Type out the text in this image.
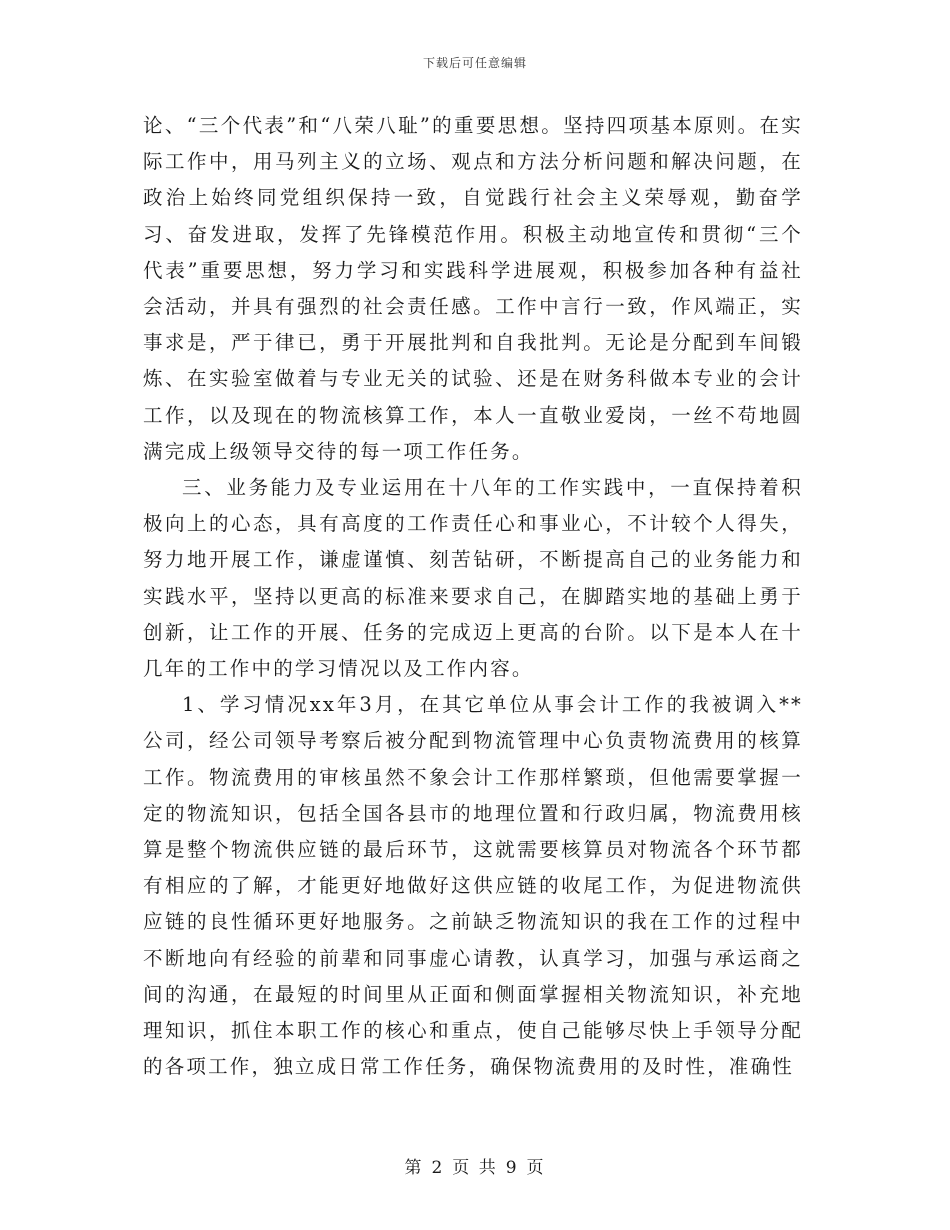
下载后可任意编辑

论、“三个代表”和“八荣八耻”的重要思想。坚持四项基本原则。在实际工作中，用马列主义的立场、观点和方法分析问题和解决问题，在政治上始终同党组织保持一致，自觉践行社会主义荣辱观，勤奋学习、奋发进取，发挥了先锋模范作用。积极主动地宣传和贯彻“三个代表”重要思想，努力学习和实践科学进展观，积极参加各种有益社会活动，并具有强烈的社会责任感。工作中言行一致，作风端正，实事求是，严于律已，勇于开展批判和自我批判。无论是分配到车间锻炼、在实验室做着与专业无关的试验、还是在财务科做本专业的会计工作，以及现在的物流核算工作，本人一直敬业爱岗，一丝不苟地圆满完成上级领导交待的每一项工作任务。

三、业务能力及专业运用在十八年的工作实践中，一直保持着积极向上的心态，具有高度的工作责任心和事业心，不计较个人得失，努力地开展工作，谦虚谨慎、刻苦钻研，不断提高自己的业务能力和实践水平，坚持以更高的标准来要求自己，在脚踏实地的基础上勇于创新，让工作的开展、任务的完成迈上更高的台阶。以下是本人在十几年的工作中的学习情况以及工作内容。

1、学习情况xx年3月，在其它单位从事会计工作的我被调入**公司，经公司领导考察后被分配到物流管理中心负责物流费用的核算工作。物流费用的审核虽然不象会计工作那样繁琐，但他需要掌握一定的物流知识，包括全国各县市的地理位置和行政归属，物流费用核算是整个物流供应链的最后环节，这就需要核算员对物流各个环节都有相应的了解，才能更好地做好这供应链的收尾工作，为促进物流供应链的良性循环更好地服务。之前缺乏物流知识的我在工作的过程中不断地向有经验的前辈和同事虚心请教，认真学习，加强与承运商之间的沟通，在最短的时间里从正面和侧面掌握相关物流知识，补充地理知识，抓住本职工作的核心和重点，使自己能够尽快上手领导分配的各项工作，独立成日常工作任务，确保物流费用的及时性，准确性

第 2 页 共 9 页
